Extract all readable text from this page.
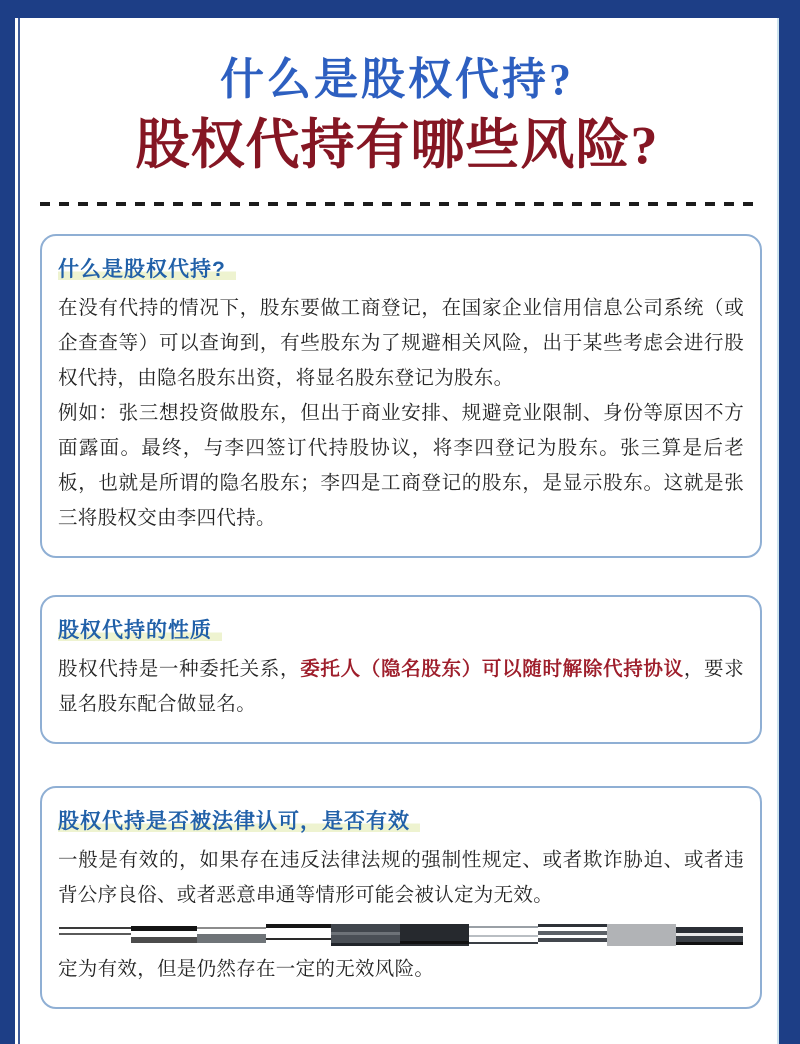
什么是股权代持?
股权代持有哪些风险?
什么是股权代持?

在没有代持的情况下，股东要做工商登记，在国家企业信用信息公司系统（或企查查等）可以查询到，有些股东为了规避相关风险，出于某些考虑会进行股权代持，由隐名股东出资，将显名股东登记为股东。
例如：张三想投资做股东，但出于商业安排、规避竞业限制、身份等原因不方面露面。最终，与李四签订代持股协议，将李四登记为股东。张三算是后老板，也就是所谓的隐名股东；李四是工商登记的股东，是显示股东。这就是张三将股权交由李四代持。

股权代持的性质

股权代持是一种委托关系，委托人（隐名股东）可以随时解除代持协议，要求显名股东配合做显名。

股权代持是否被法律认可，是否有效

一般是有效的，如果存在违反法律法规的强制性规定、或者欺诈胁迫、或者违背公序良俗、或者恶意串通等情形可能会被认定为无效。

定为有效，但是仍然存在一定的无效风险。
